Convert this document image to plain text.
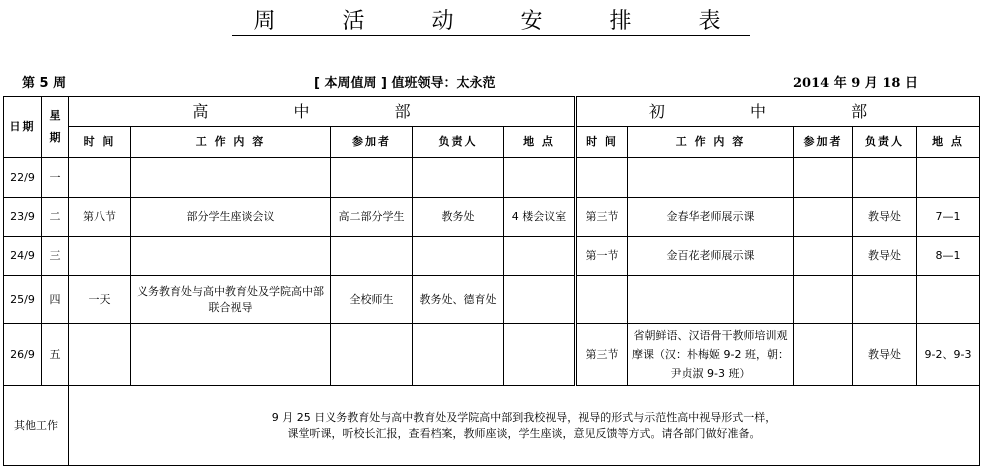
周 活 动 安 排 表
第 5 周	[ 本周值周 ] 值班领导：太永范	2014 年 9 月 18 日
日期	星期	高 中 部					初 中 部				
		时 间	工 作 内 容	参加者	负责人	地 点	时 间	工 作 内 容	参加者	负责人	地 点
22/9	一										
23/9	二	第八节	部分学生座谈会议	高二部分学生	教务处	4 楼会议室	第三节	金春华老师展示课		教导处	7—1
24/9	三						第一节	金百花老师展示课		教导处	8—1
25/9	四	一天	义务教育处与高中教育处及学院高中部联合视导	全校师生	教务处、德育处						
26/9	五						第三节	省朝鲜语、汉语骨干教师培训观摩课（汉：朴梅姬 9-2 班，朝：尹贞淑 9-3 班）		教导处	9-2、9-3
其他工作		9 月 25 日义务教育处与高中教育处及学院高中部到我校视导，视导的形式与示范性高中视导形式一样，
课堂听课，听校长汇报，查看档案，教师座谈，学生座谈，意见反馈等方式。请各部门做好准备。									
